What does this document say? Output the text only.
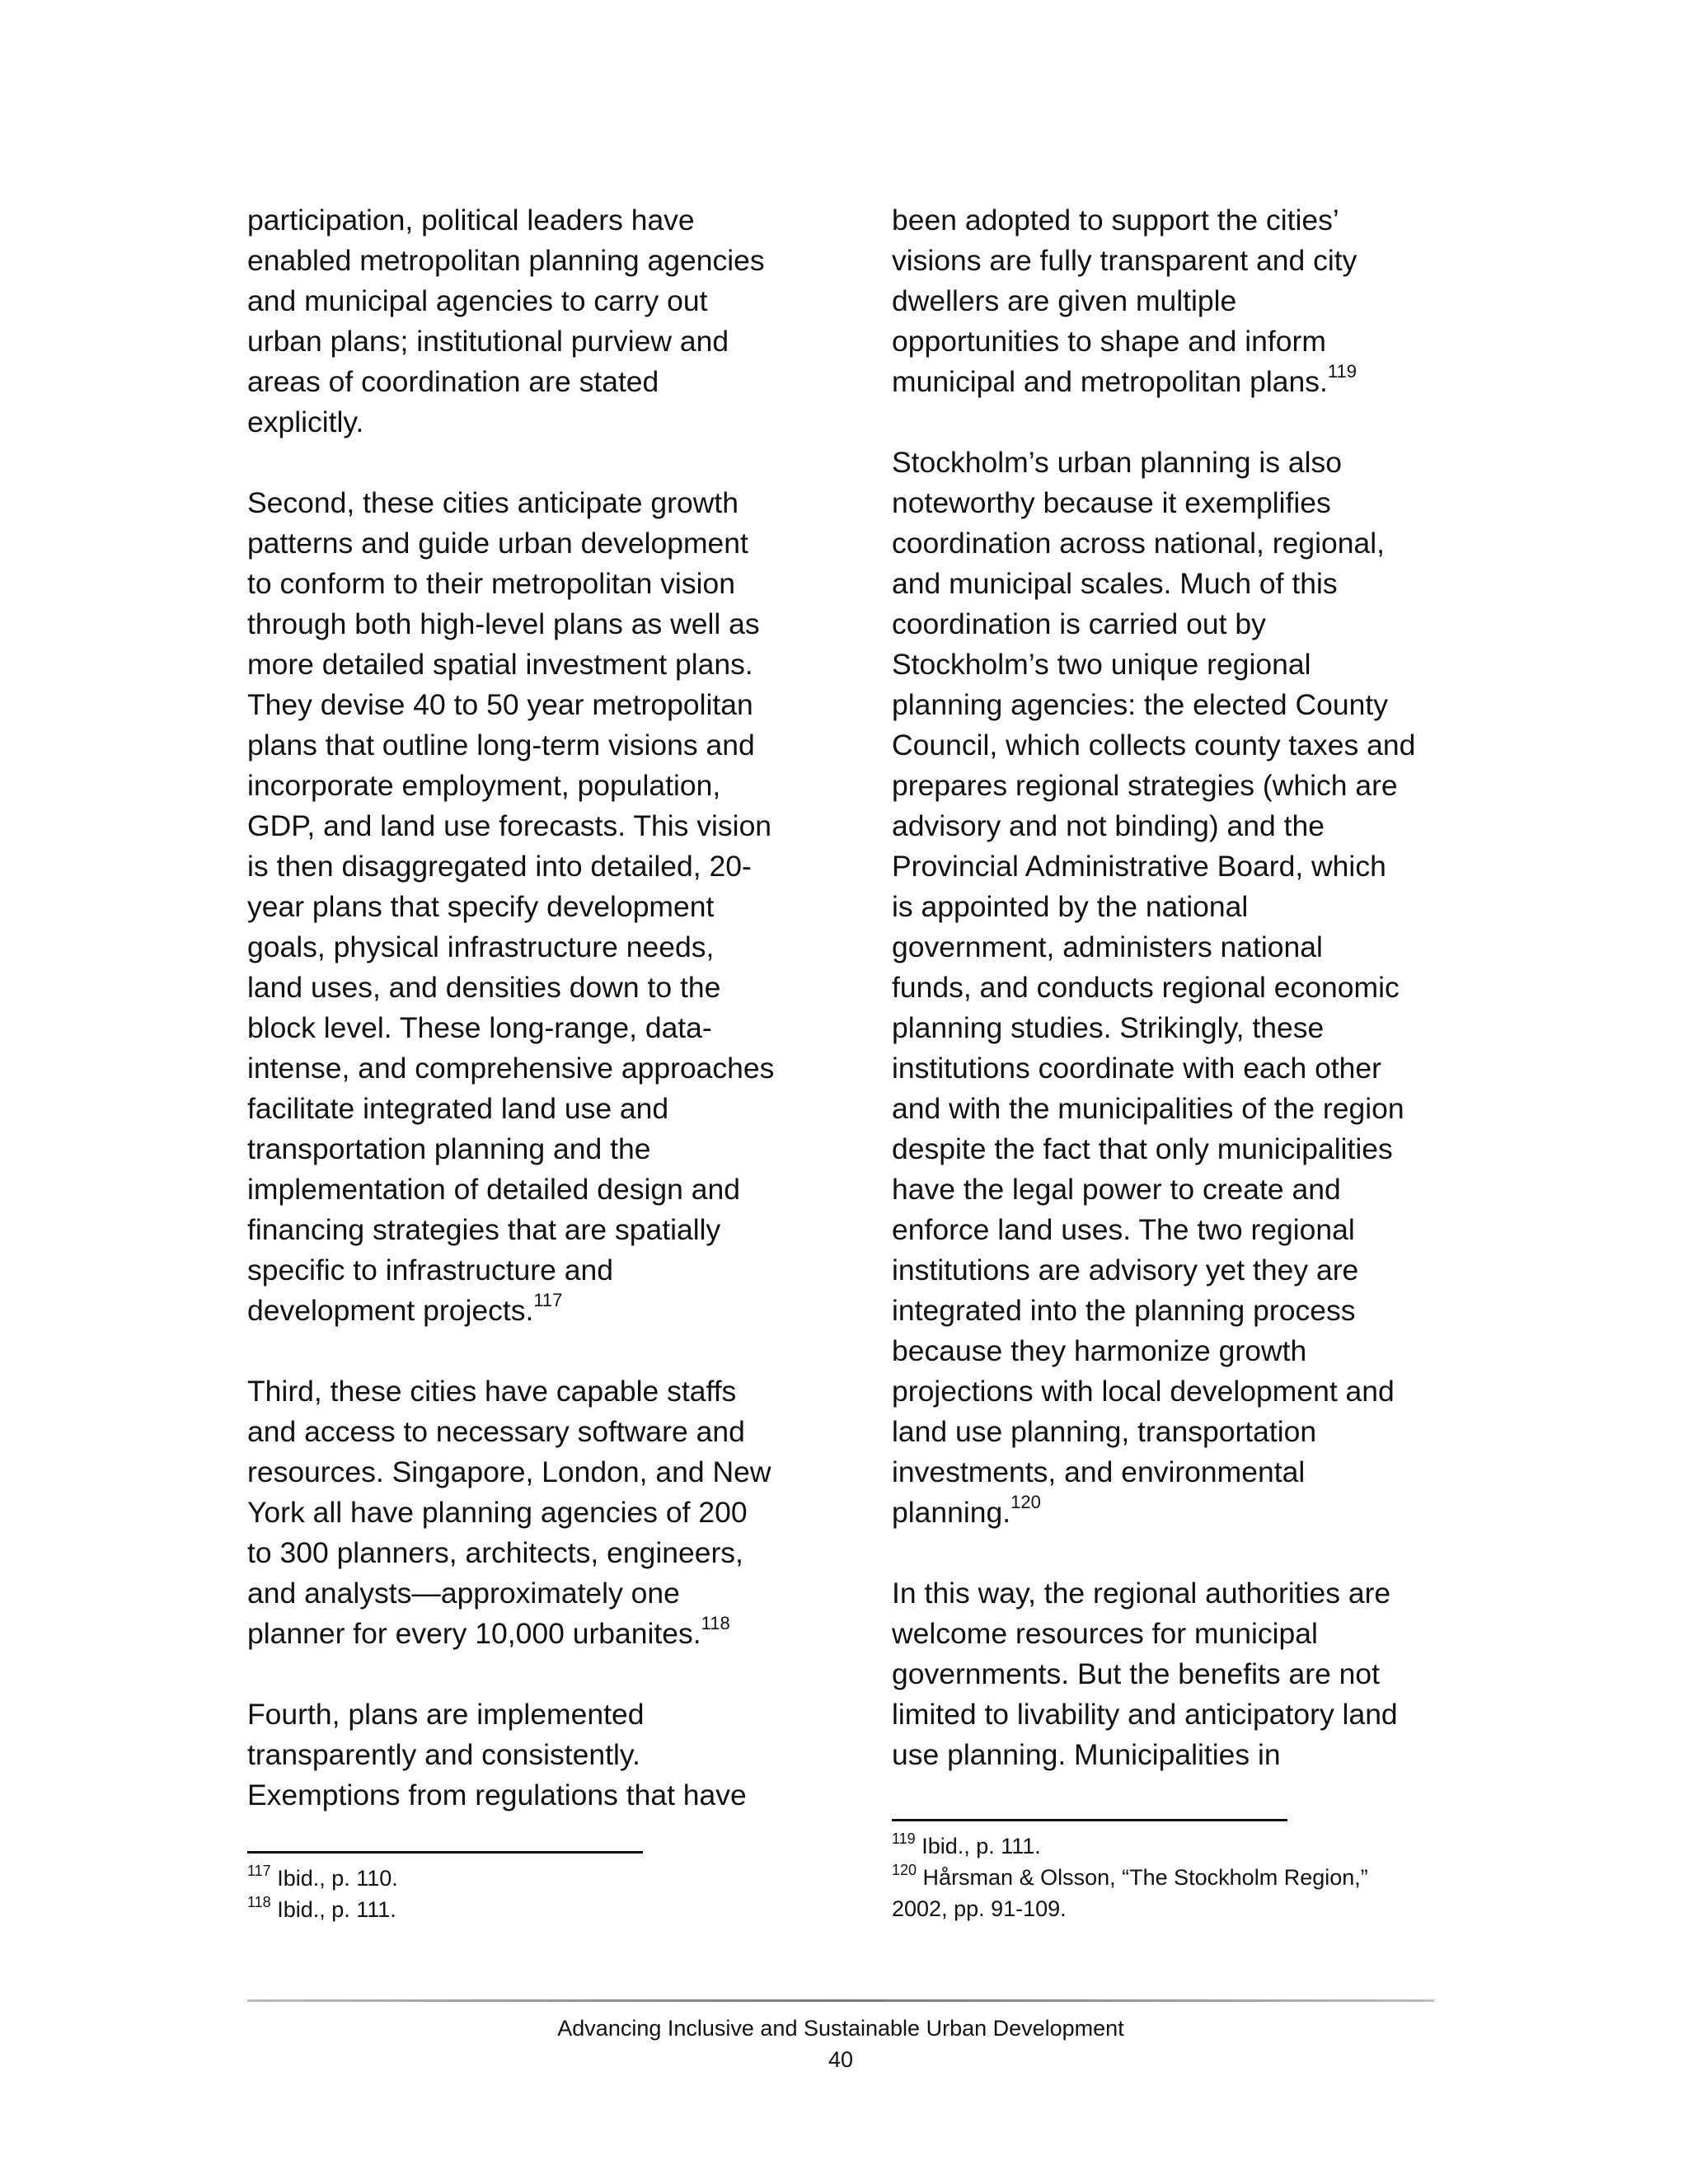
participation, political leaders have
enabled metropolitan planning agencies
and municipal agencies to carry out
urban plans; institutional purview and
areas of coordination are stated
explicitly.

Second, these cities anticipate growth
patterns and guide urban development
to conform to their metropolitan vision
through both high-level plans as well as
more detailed spatial investment plans.
They devise 40 to 50 year metropolitan
plans that outline long-term visions and
incorporate employment, population,
GDP, and land use forecasts. This vision
is then disaggregated into detailed, 20-
year plans that specify development
goals, physical infrastructure needs,
land uses, and densities down to the
block level. These long-range, data-
intense, and comprehensive approaches
facilitate integrated land use and
transportation planning and the
implementation of detailed design and
financing strategies that are spatially
specific to infrastructure and
development projects.$^{117}$

Third, these cities have capable staffs
and access to necessary software and
resources. Singapore, London, and New
York all have planning agencies of 200
to 300 planners, architects, engineers,
and analysts—approximately one
planner for every 10,000 urbanites.$^{118}$

Fourth, plans are implemented
transparently and consistently.
Exemptions from regulations that have

been adopted to support the cities’
visions are fully transparent and city
dwellers are given multiple
opportunities to shape and inform
municipal and metropolitan plans.$^{119}$

Stockholm’s urban planning is also
noteworthy because it exemplifies
coordination across national, regional,
and municipal scales. Much of this
coordination is carried out by
Stockholm’s two unique regional
planning agencies: the elected County
Council, which collects county taxes and
prepares regional strategies (which are
advisory and not binding) and the
Provincial Administrative Board, which
is appointed by the national
government, administers national
funds, and conducts regional economic
planning studies. Strikingly, these
institutions coordinate with each other
and with the municipalities of the region
despite the fact that only municipalities
have the legal power to create and
enforce land uses. The two regional
institutions are advisory yet they are
integrated into the planning process
because they harmonize growth
projections with local development and
land use planning, transportation
investments, and environmental
planning.$^{120}$

In this way, the regional authorities are
welcome resources for municipal
governments. But the benefits are not
limited to livability and anticipatory land
use planning. Municipalities in

$^{117}$ Ibid., p. 110.

$^{118}$ Ibid., p. 111.

$^{119}$ Ibid., p. 111.

$^{120}$ Hårsman & Olsson, “The Stockholm Region,”
2002, pp. 91-109.

Advancing Inclusive and Sustainable Urban Development
40
